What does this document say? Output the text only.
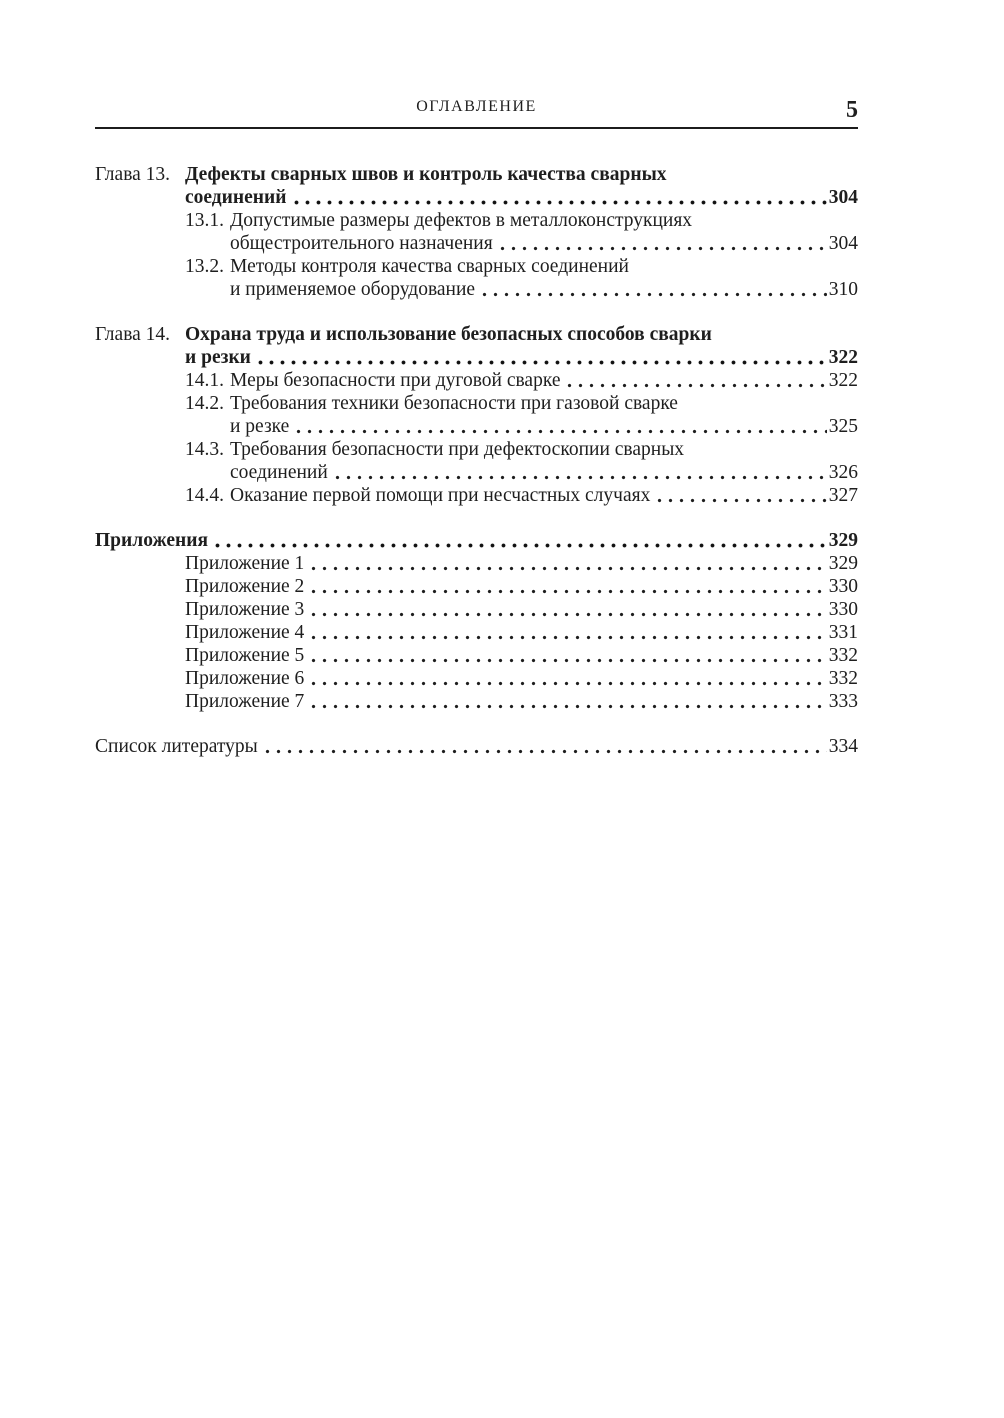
ОГЛАВЛЕНИЕ	5
Глава 13. Дефекты сварных швов и контроль качества сварных
соединений	304
13.1. Допустимые размеры дефектов в металлоконструкциях
общестроительного назначения	304
13.2. Методы контроля качества сварных соединений
и применяемое оборудование	310
Глава 14. Охрана труда и использование безопасных способов сварки
и резки	322
14.1. Меры безопасности при дуговой сварке	322
14.2. Требования техники безопасности при газовой сварке
и резке	325
14.3. Требования безопасности при дефектоскопии сварных
соединений	326
14.4. Оказание первой помощи при несчастных случаях	327
Приложения	329
Приложение 1	329
Приложение 2	330
Приложение 3	330
Приложение 4	331
Приложение 5	332
Приложение 6	332
Приложение 7	333
Список литературы	334
